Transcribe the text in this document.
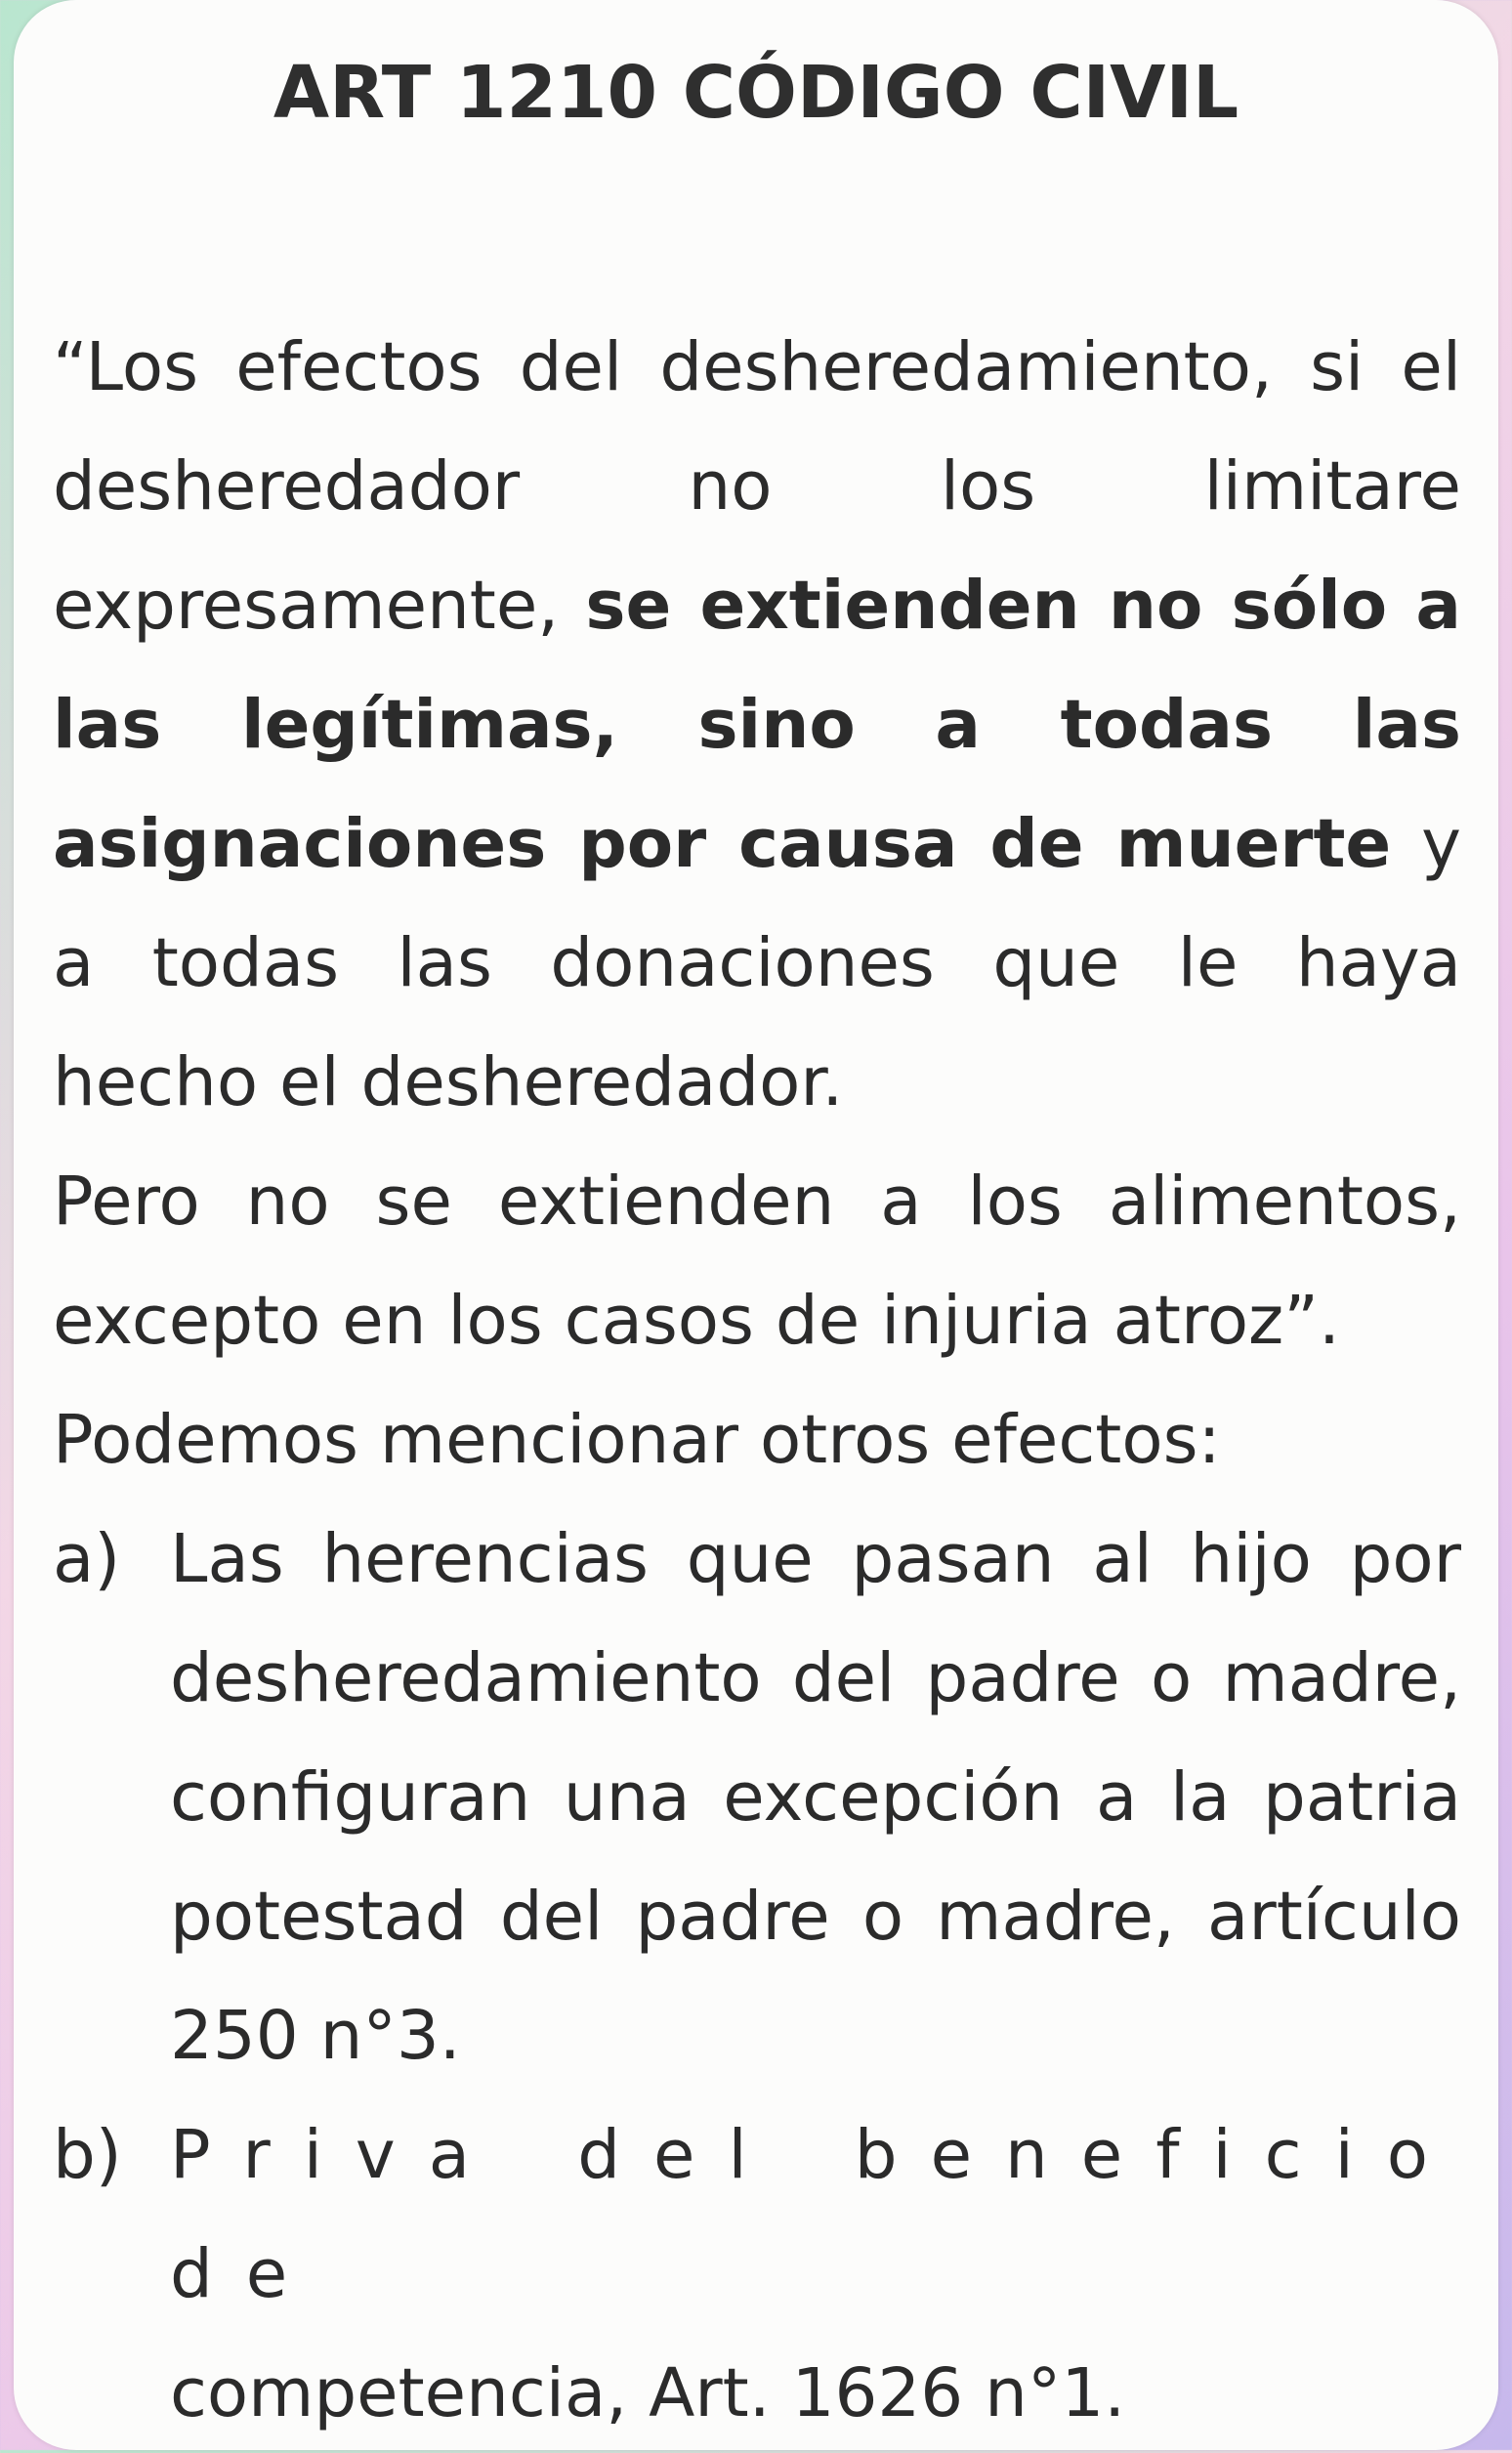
ART 1210 CÓDIGO CIVIL

“Los efectos del desheredamiento, si el desheredador no los limitare expresamente, se extienden no sólo a las legítimas, sino a todas las asignaciones por causa de muerte y a todas las donaciones que le haya hecho el desheredador.

Pero no se extienden a los alimentos, excepto en los casos de injuria atroz”.

Podemos mencionar otros efectos:

a) Las herencias que pasan al hijo por desheredamiento del padre o madre, configuran una excepción a la patria potestad del padre o madre, artículo 250 n°3.
b) Priva del beneficio de
competencia, Art. 1626 n°1.
